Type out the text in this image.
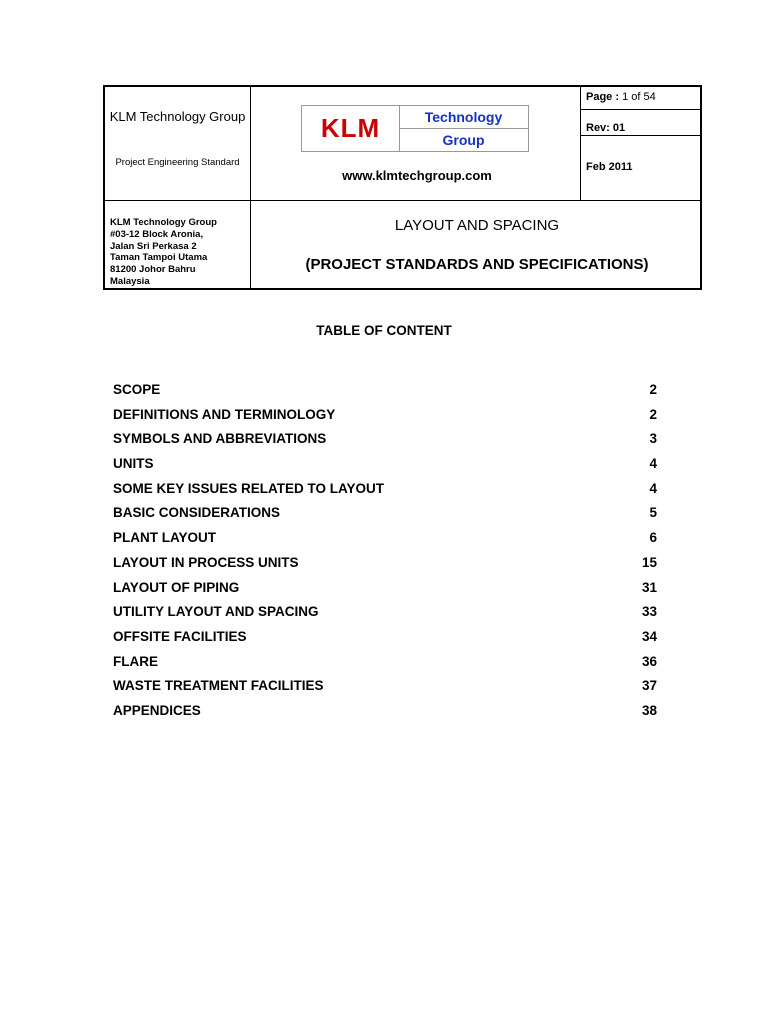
KLM Technology Group
Project Engineering Standard
KLM	Technology
Group
www.klmtechgroup.com
Page : 1 of 54
Rev: 01
Feb 2011
KLM Technology Group
#03-12 Block Aronia,
Jalan Sri Perkasa 2
Taman Tampoi Utama
81200 Johor Bahru
Malaysia
LAYOUT AND SPACING
(PROJECT STANDARDS AND SPECIFICATIONS)
TABLE OF CONTENT
SCOPE	2
DEFINITIONS AND TERMINOLOGY	2
SYMBOLS AND ABBREVIATIONS	3
UNITS	4
SOME KEY ISSUES RELATED TO LAYOUT	4
BASIC CONSIDERATIONS	5
PLANT LAYOUT	6
LAYOUT IN PROCESS UNITS	15
LAYOUT OF PIPING	31
UTILITY LAYOUT AND SPACING	33
OFFSITE FACILITIES	34
FLARE	36
WASTE TREATMENT FACILITIES	37
APPENDICES	38
